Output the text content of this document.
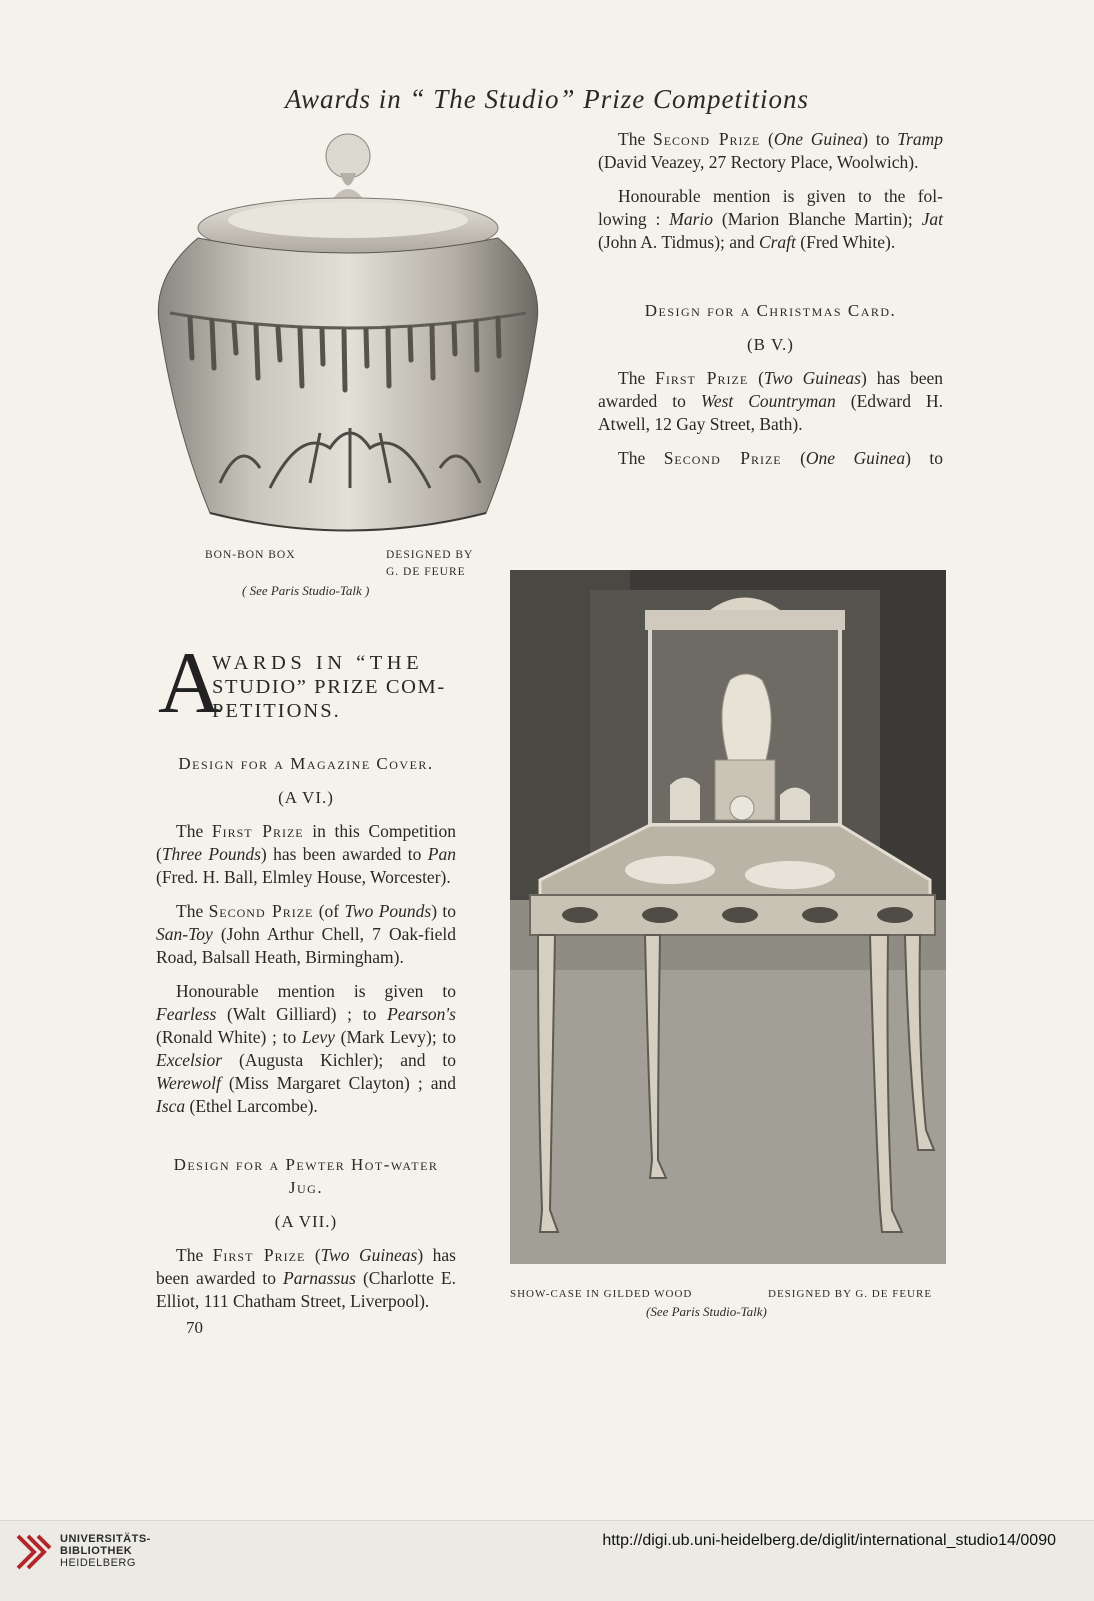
Awards in “ The Studio” Prize Competitions
BON-BON BOX	DESIGNED BY
G. DE FEURE
( See Paris Studio-Talk )

The Second Prize (One Guinea) to Tramp (David Veazey, 27 Rectory Place, Woolwich).

Honourable mention is given to the fol-lowing : Mario (Marion Blanche Martin); Jat (John A. Tidmus); and Craft (Fred White).

Design for a Christmas Card.

(B V.)

The First Prize (Two Guineas) has been awarded to West Countryman (Edward H. Atwell, 12 Gay Street, Bath).

The Second Prize (One Guinea) to

A
WARDS IN “THE
STUDIO” PRIZE COM-
PETITIONS.

Design for a Magazine Cover.

(A VI.)

The First Prize in this Competition (Three Pounds) has been awarded to Pan (Fred. H. Ball, Elmley House, Worcester).

The Second Prize (of Two Pounds) to San-Toy (John Arthur Chell, 7 Oak-field Road, Balsall Heath, Birmingham).

Honourable mention is given to Fearless (Walt Gilliard) ; to Pearson's (Ronald White) ; to Levy (Mark Levy); to Excelsior (Augusta Kichler); and to Werewolf (Miss Margaret Clayton) ; and Isca (Ethel Larcombe).

Design for a Pewter Hot-water Jug.

(A VII.)

The First Prize (Two Guineas) has been awarded to Parnassus (Charlotte E. Elliot, 111 Chatham Street, Liverpool).

70
SHOW-CASE IN GILDED WOOD	DESIGNED BY G. DE FEURE
(See Paris Studio-Talk)
UNIVERSITÄTS-
BIBLIOTHEK
HEIDELBERG
http://digi.ub.uni-heidelberg.de/diglit/international_studio14/0090
